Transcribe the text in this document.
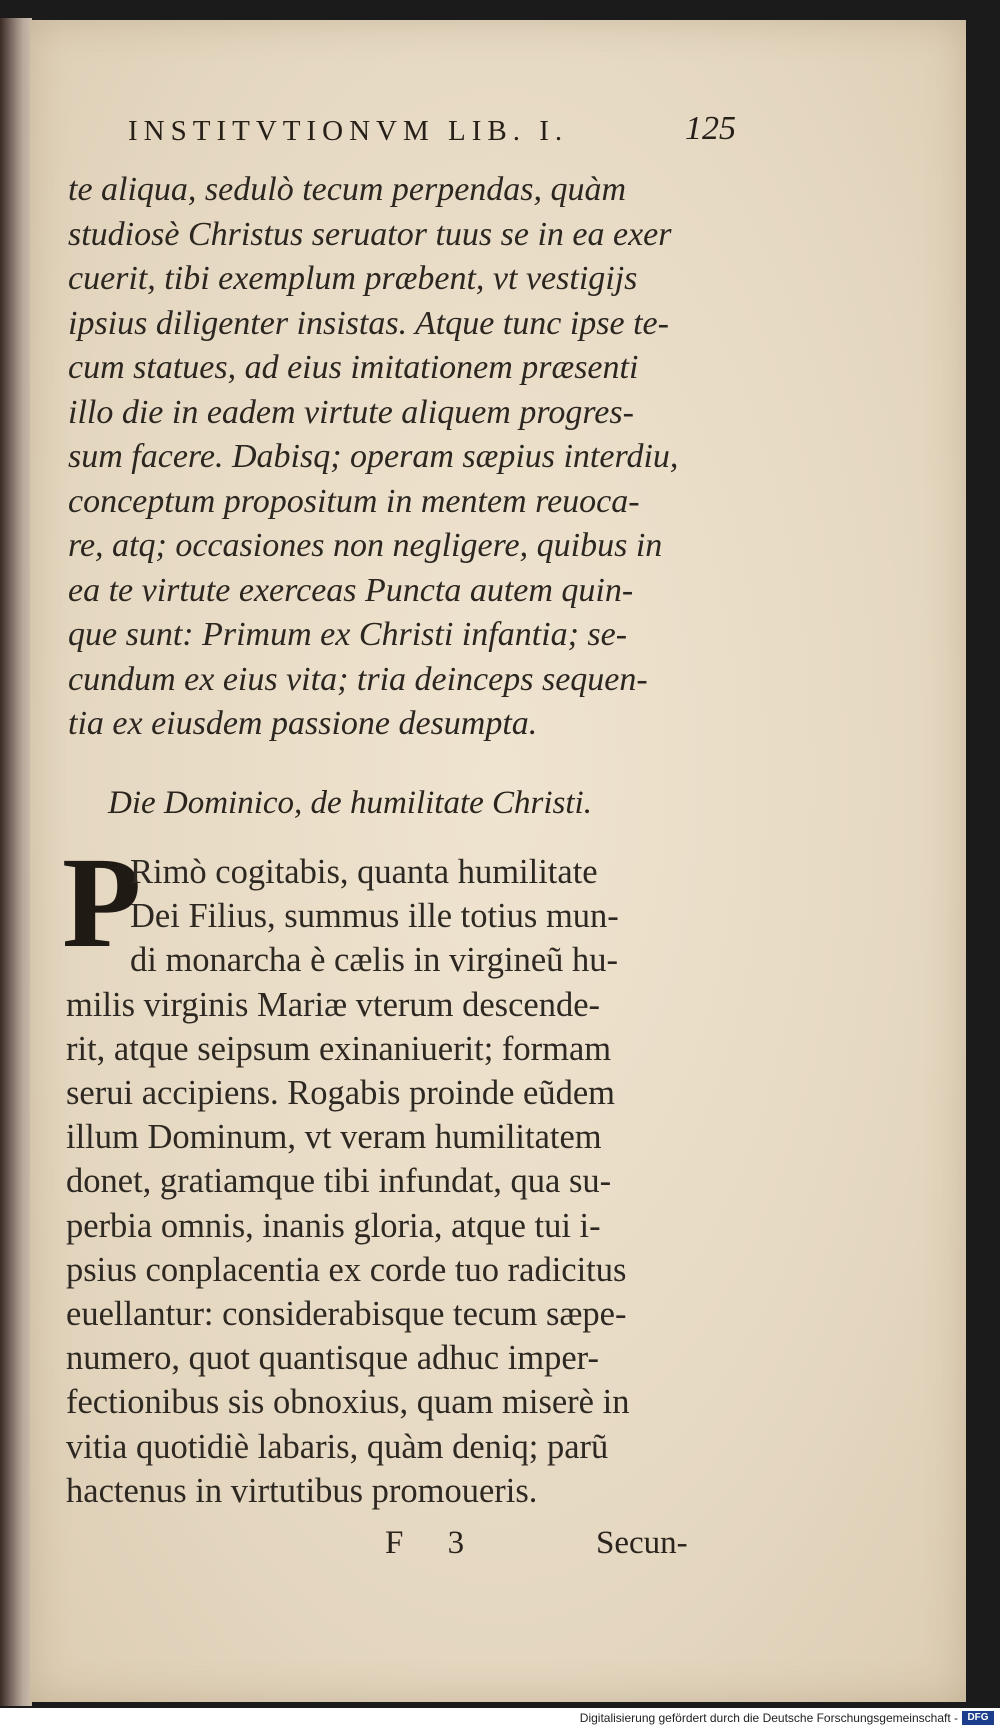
INSTITVTIONVM LIB. I.	125
te aliqua, sedulò tecum perpendas, quàm
studiosè Christus seruator tuus se in ea exer
cuerit, tibi exemplum præbent, vt vestigijs
ipsius diligenter insistas. Atque tunc ipse te-
cum statues, ad eius imitationem præsenti
illo die in eadem virtute aliquem progres-
sum facere. Dabisq; operam sæpius interdiu,
conceptum propositum in mentem reuoca-
re, atq; occasiones non negligere, quibus in
ea te virtute exerceas Puncta autem quin-
que sunt: Primum ex Christi infantia; se-
cundum ex eius vita; tria deinceps sequen-
tia ex eiusdem passione desumpta.
Die Dominico, de humilitate Christi.
P
Rimò cogitabis, quanta humilitate
Dei Filius, summus ille totius mun-
di monarcha è cælis in virgineũ hu-
milis virginis Mariæ vterum descende-
rit, atque seipsum exinaniuerit; formam
serui accipiens. Rogabis proinde eũdem
illum Dominum, vt veram humilitatem
donet, gratiamque tibi infundat, qua su-
perbia omnis, inanis gloria, atque tui i-
psius conplacentia ex corde tuo radicitus
euellantur: considerabisque tecum sæpe-
numero, quot quantisque adhuc imper-
fectionibus sis obnoxius, quam miserè in
vitia quotidiè labaris, quàm deniq; parũ
hactenus in virtutibus promoueris.
F 3	Secun-
Digitalisierung gefördert durch die Deutsche Forschungsgemeinschaft - DFG
